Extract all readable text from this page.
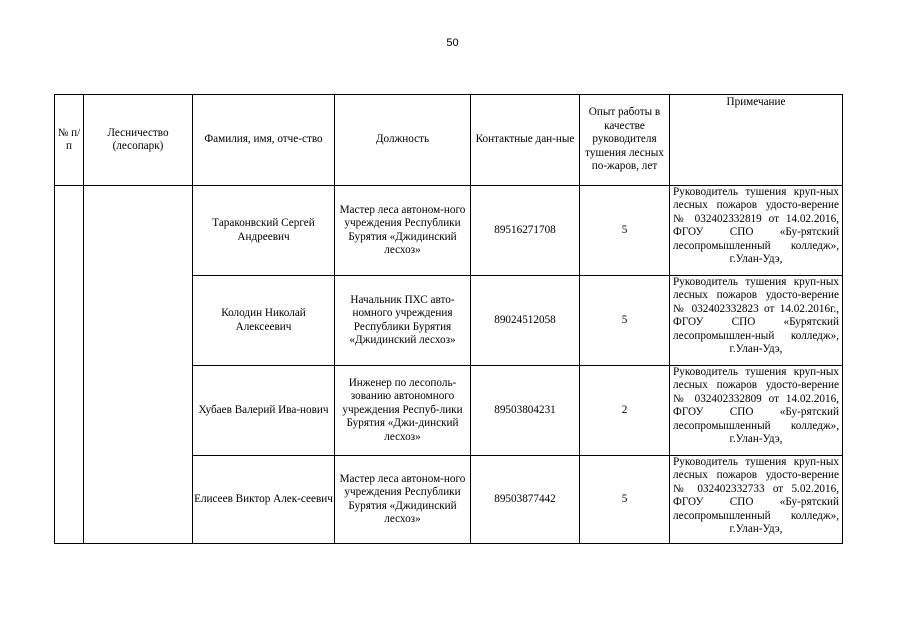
50
№ п/п	Лесничество (лесопарк)	Фамилия, имя, отче-ство	Должность	Контактные дан-ные	Опыт работы в качестве руководителя тушения лесных по-жаров, лет	Примечание
		Тараконвский Сергей Андреевич	Мастер леса автоном-ного учреждения Республики Бурятия «Джидинский лесхоз»	89516271708	5	Руководитель тушения круп-ных лесных пожаров удосто-верение № 032402332819 от 14.02.2016, ФГОУ СПО «Бу-рятский лесопромышленный колледж», г.Улан-Удэ,
		Колодин Николай Алексеевич	Начальник ПХС авто-номного учреждения Республики Бурятия «Джидинский лесхоз»	89024512058	5	Руководитель тушения круп-ных лесных пожаров удосто-верение № 032402332823 от 14.02.2016г., ФГОУ СПО «Бурятский лесопромышлен-ный колледж», г.Улан-Удэ,
		Хубаев Валерий Ива-нович	Инженер по лесополь-зованию автономного учреждения Респуб-лики Бурятия «Джи-динский лесхоз»	89503804231	2	Руководитель тушения круп-ных лесных пожаров удосто-верение № 032402332809 от 14.02.2016, ФГОУ СПО «Бу-рятский лесопромышленный колледж», г.Улан-Удэ,
		Елисеев Виктор Алек-сеевич	Мастер леса автоном-ного учреждения Республики Бурятия «Джидинский лесхоз»	89503877442	5	Руководитель тушения круп-ных лесных пожаров удосто-верение № 032402332733 от 5.02.2016, ФГОУ СПО «Бу-рятский лесопромышленный колледж», г.Улан-Удэ,
